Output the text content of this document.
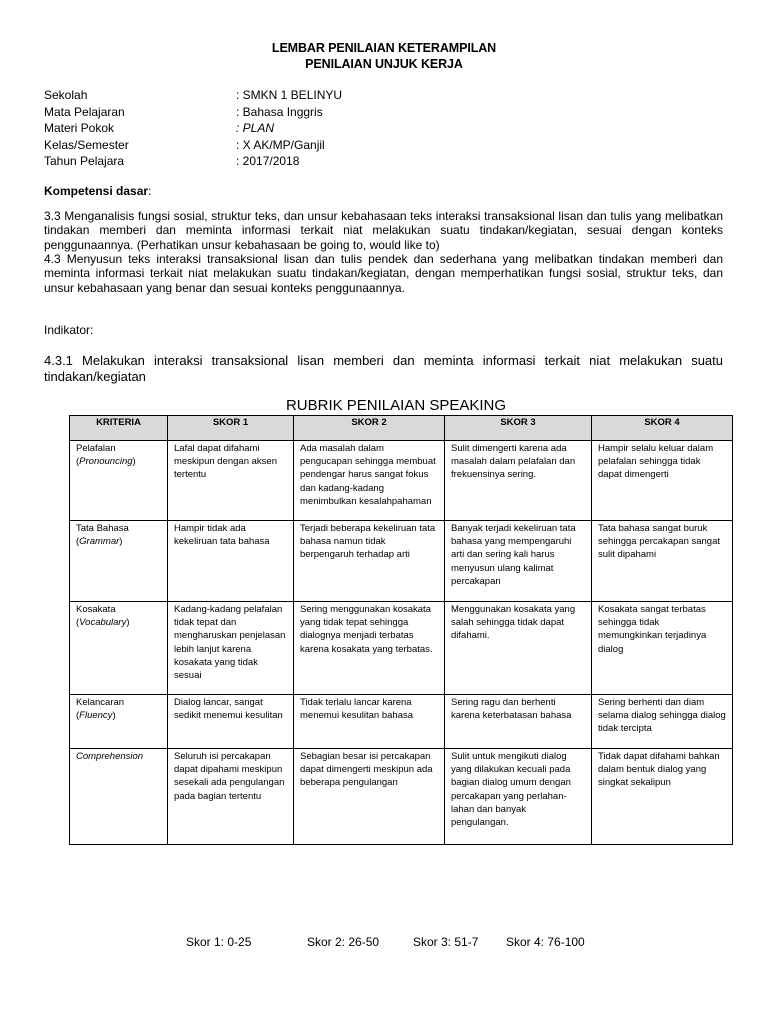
LEMBAR PENILAIAN KETERAMPILAN
PENILAIAN UNJUK KERJA
Sekolah	: SMKN 1 BELINYU
Mata Pelajaran	: Bahasa Inggris
Materi Pokok	: PLAN
Kelas/Semester	: X AK/MP/Ganjil
Tahun Pelajara	: 2017/2018
Kompetensi dasar:
3.3 Menganalisis fungsi sosial, struktur teks, dan unsur kebahasaan teks interaksi transaksional lisan dan tulis yang melibatkan tindakan memberi dan meminta informasi terkait niat melakukan suatu tindakan/kegiatan, sesuai dengan konteks penggunaannya. (Perhatikan unsur kebahasaan be going to, would like to)
4.3 Menyusun teks interaksi transaksional lisan dan tulis pendek dan sederhana yang melibatkan tindakan memberi dan meminta informasi terkait niat melakukan suatu tindakan/kegiatan, dengan memperhatikan fungsi sosial, struktur teks, dan unsur kebahasaan yang benar dan sesuai konteks penggunaannya.
Indikator:
4.3.1 Melakukan interaksi transaksional lisan memberi dan meminta informasi terkait niat melakukan suatu tindakan/kegiatan
RUBRIK PENILAIAN SPEAKING
KRITERIA	SKOR 1	SKOR 2	SKOR 3	SKOR 4
Pelafalan
(Pronouncing)	Lafal dapat difahami meskipun dengan aksen tertentu	Ada masalah dalam pengucapan sehingga membuat pendengar harus sangat fokus dan kadang-kadang menimbulkan kesalahpahaman	Sulit dimengerti karena ada masalah dalam pelafalan dan frekuensinya sering.	Hampir selalu keluar dalam pelafalan sehingga tidak dapat dimengerti
Tata Bahasa
(Grammar)	Hampir tidak ada kekeliruan tata bahasa	Terjadi beberapa kekeliruan tata bahasa namun tidak berpengaruh terhadap arti	Banyak terjadi kekeliruan tata bahasa yang mempengaruhi arti dan sering kali harus menyusun ulang kalimat percakapan	Tata bahasa sangat buruk sehingga percakapan sangat sulit dipahami
Kosakata
(Vocabulary)	Kadang-kadang pelafalan tidak tepat dan mengharuskan penjelasan lebih lanjut karena kosakata yang tidak sesuai	Sering menggunakan kosakata yang tidak tepat sehingga dialognya menjadi terbatas karena kosakata yang terbatas.	Menggunakan kosakata yang salah sehingga tidak dapat difahami.	Kosakata sangat terbatas sehingga tidak memungkinkan terjadinya dialog
Kelancaran
(Fluency)	Dialog lancar, sangat sedikit menemui kesulitan	Tidak terlalu lancar karena menemui kesulitan bahasa	Sering ragu dan berhenti karena keterbatasan bahasa	Sering berhenti dan diam selama dialog sehingga dialog tidak tercipta
Comprehension	Seluruh isi percakapan dapat dipahami meskipun sesekali ada pengulangan pada bagian tertentu	Sebagian besar isi percakapan dapat dimengerti meskipun ada beberapa pengulangan	Sulit untuk mengikuti dialog yang dilakukan kecuali pada bagian dialog umum dengan percakapan yang perlahan-lahan dan banyak pengulangan.	Tidak dapat difahami bahkan dalam bentuk dialog yang singkat sekalipun
Skor 1: 0-25	Skor 2: 26-50	Skor 3: 51-7 Skor 4: 76-100
